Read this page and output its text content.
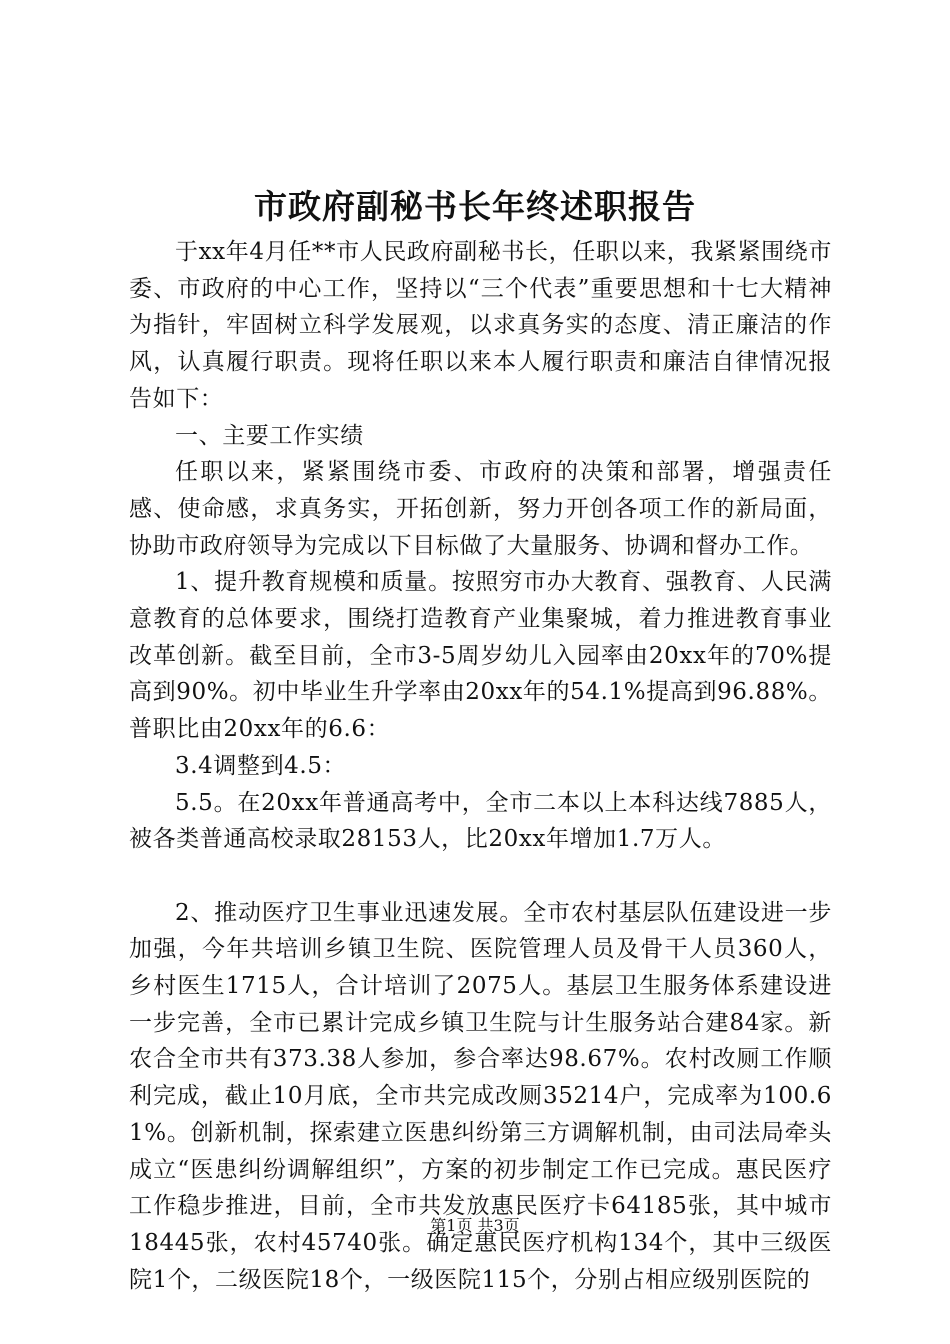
市政府副秘书长年终述职报告

于xx年4月任**市人民政府副秘书长，任职以来，我紧紧围绕市委、市政府的中心工作，坚持以“三个代表”重要思想和十七大精神为指针，牢固树立科学发展观，以求真务实的态度、清正廉洁的作风，认真履行职责。现将任职以来本人履行职责和廉洁自律情况报告如下：

一、主要工作实绩

任职以来，紧紧围绕市委、市政府的决策和部署，增强责任感、使命感，求真务实，开拓创新，努力开创各项工作的新局面，协助市政府领导为完成以下目标做了大量服务、协调和督办工作。

1、提升教育规模和质量。按照穷市办大教育、强教育、人民满意教育的总体要求，围绕打造教育产业集聚城，着力推进教育事业改革创新。截至目前，全市3-5周岁幼儿入园率由20xx年的70%提高到90%。初中毕业生升学率由20xx年的54.1%提高到96.88%。普职比由20xx年的6.6：

3.4调整到4.5：

5.5。在20xx年普通高考中，全市二本以上本科达线7885人，被各类普通高校录取28153人，比20xx年增加1.7万人。

2、推动医疗卫生事业迅速发展。全市农村基层队伍建设进一步加强，今年共培训乡镇卫生院、医院管理人员及骨干人员360人，乡村医生1715人，合计培训了2075人。基层卫生服务体系建设进一步完善，全市已累计完成乡镇卫生院与计生服务站合建84家。新农合全市共有373.38人参加，参合率达98.67%。农村改厕工作顺利完成，截止10月底，全市共完成改厕35214户，完成率为100.61%。创新机制，探索建立医患纠纷第三方调解机制，由司法局牵头成立“医患纠纷调解组织”，方案的初步制定工作已完成。惠民医疗工作稳步推进，目前，全市共发放惠民医疗卡64185张，其中城市18445张，农村45740张。确定惠民医疗机构134个，其中三级医院1个，二级医院18个，一级医院115个，分别占相应级别医院的

第1页 共3页
